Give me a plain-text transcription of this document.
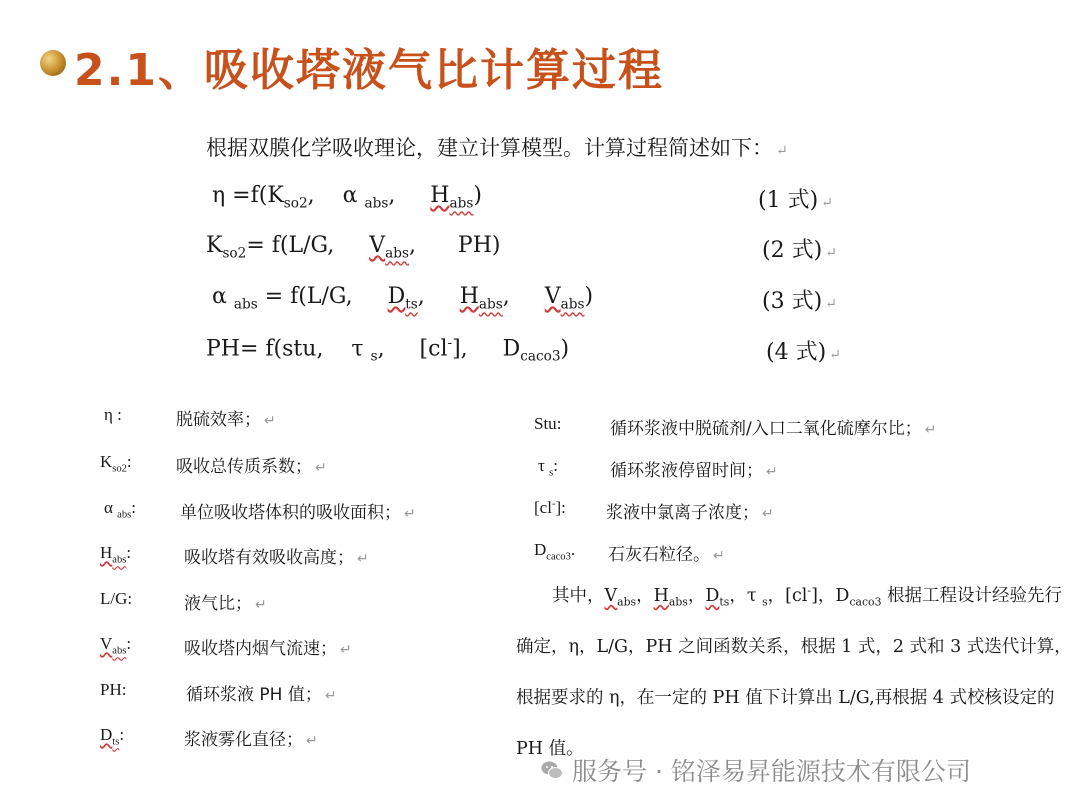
2.1、吸收塔液气比计算过程
根据双膜化学吸收理论，建立计算模型。计算过程简述如下： ↵
$\eta =f(K_{so2}$,    α $_{abs}$,     $H_{abs}$)	(1 式) ↵
$K_{so2}= f(L/G$,     $V_{abs}$,      PH)	(2 式) ↵
α $_{abs}$ = f(L/G,     $D_{ts}$,     $H_{abs}$,     $V_{abs}$)	(3 式) ↵
PH= f(stu,    τ $_s$,     [cl-],     $D_{caco3}$)	(4 式) ↵
η :	脱硫效率； ↵
$K_{so2}$:	吸收总传质系数； ↵
α $_{abs}$:	单位吸收塔体积的吸收面积； ↵
$H_{abs}$:	吸收塔有效吸收高度； ↵
L/G:	液气比； ↵
$V_{abs}$:	吸收塔内烟气流速； ↵
PH:	循环浆液 PH 值； ↵
$D_{ts}$:	浆液雾化直径； ↵
Stu:	循环浆液中脱硫剂/入口二氧化硫摩尔比； ↵
τ $_s$:	循环浆液停留时间； ↵
[cl-]: 浆液中氯离子浓度； ↵
$D_{caco3}$. 石灰石粒径。 ↵
其中，$V_{abs}$，$H_{abs}$，$D_{ts}$，τ $_s$，[cl-]，$D_{caco3}$ 根据工程设计经验先行
确定，η，L/G，PH 之间函数关系，根据 1 式，2 式和 3 式迭代计算，
根据要求的 η，在一定的 PH 值下计算出 L/G,再根据 4 式校核设定的
PH 值。
服务号 · 铭泽易昇能源技术有限公司
